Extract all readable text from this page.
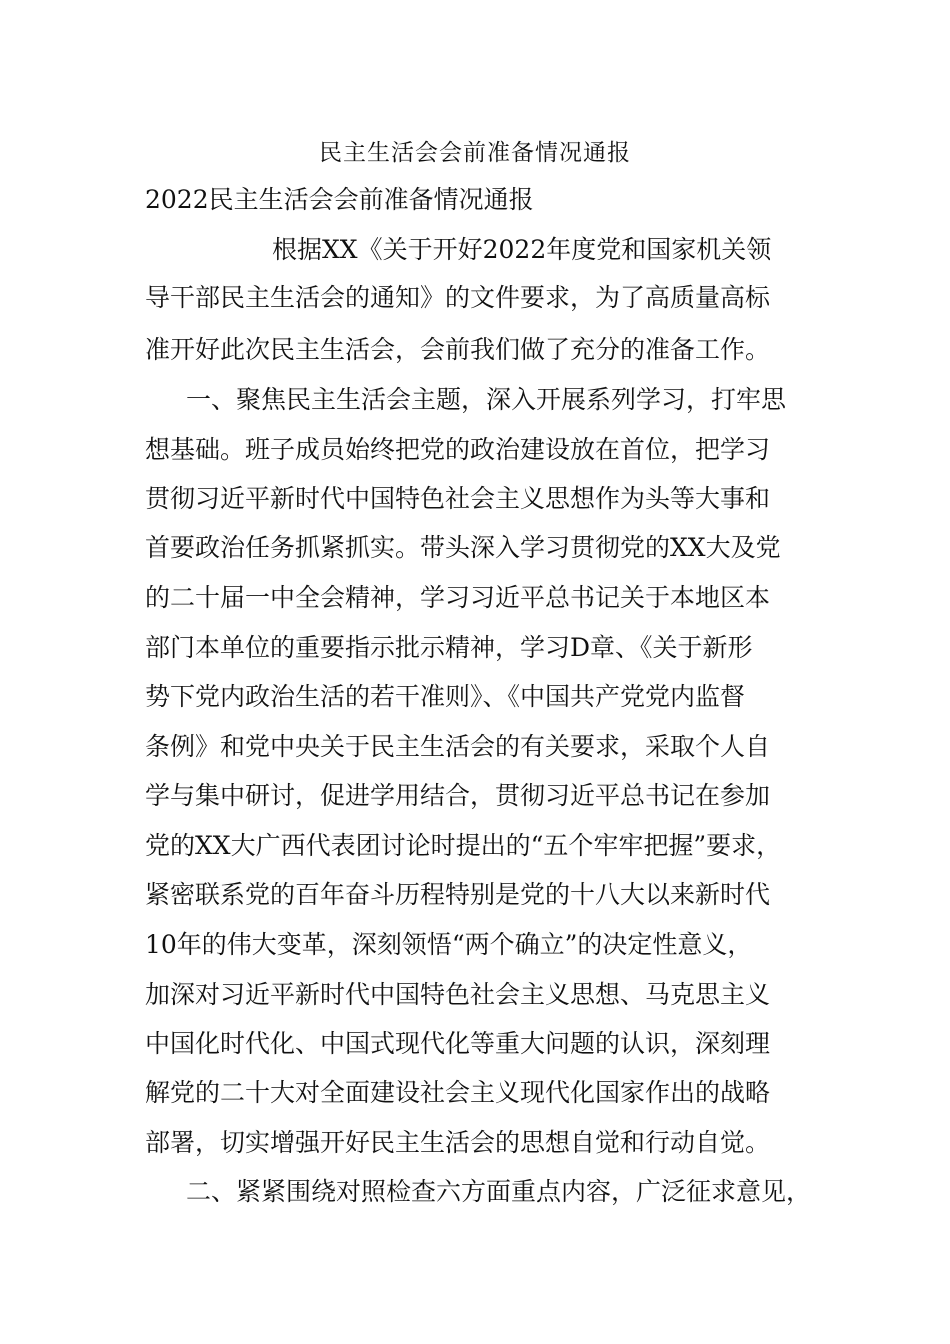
民主生活会会前准备情况通报
2022民主生活会会前准备情况通报
根据XX《关于开好2022年度党和国家机关领
导干部民主生活会的通知》的文件要求，为了高质量高标
准开好此次民主生活会，会前我们做了充分的准备工作。
一、聚焦民主生活会主题，深入开展系列学习，打牢思
想基础。班子成员始终把党的政治建设放在首位，把学习
贯彻习近平新时代中国特色社会主义思想作为头等大事和
首要政治任务抓紧抓实。带头深入学习贯彻党的XX大及党
的二十届一中全会精神，学习习近平总书记关于本地区本
部门本单位的重要指示批示精神，学习D章、《关于新形
势下党内政治生活的若干准则》、《中国共产党党内监督
条例》和党中央关于民主生活会的有关要求，采取个人自
学与集中研讨，促进学用结合，贯彻习近平总书记在参加
党的XX大广西代表团讨论时提出的“五个牢牢把握”要求，
紧密联系党的百年奋斗历程特别是党的十八大以来新时代
10年的伟大变革，深刻领悟“两个确立”的决定性意义，
加深对习近平新时代中国特色社会主义思想、马克思主义
中国化时代化、中国式现代化等重大问题的认识，深刻理
解党的二十大对全面建设社会主义现代化国家作出的战略
部署，切实增强开好民主生活会的思想自觉和行动自觉。
二、紧紧围绕对照检查六方面重点内容，广泛征求意见，
